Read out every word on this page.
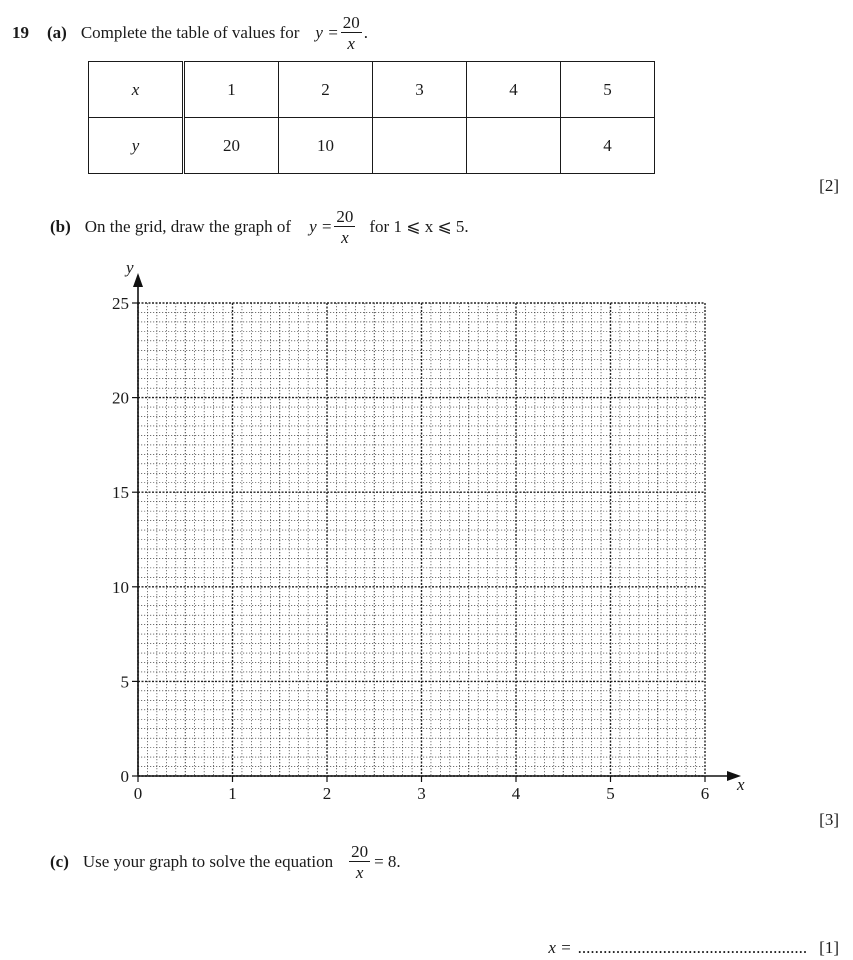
19 (a) Complete the table of values for $y = \frac{20}{x}$ .
x	1	2	3	4	5
y	20	10			4
[2]
(b) On the grid, draw the graph of $y = \frac{20}{x}$ for 1 ⩽ x ⩽ 5.
0	1	2	3	4	5	6
0
5
10
15
20
25
x
y
[3]
(c) Use your graph to solve the equation $\frac{20}{x} = 8$.
x = ...................................................... [1]
